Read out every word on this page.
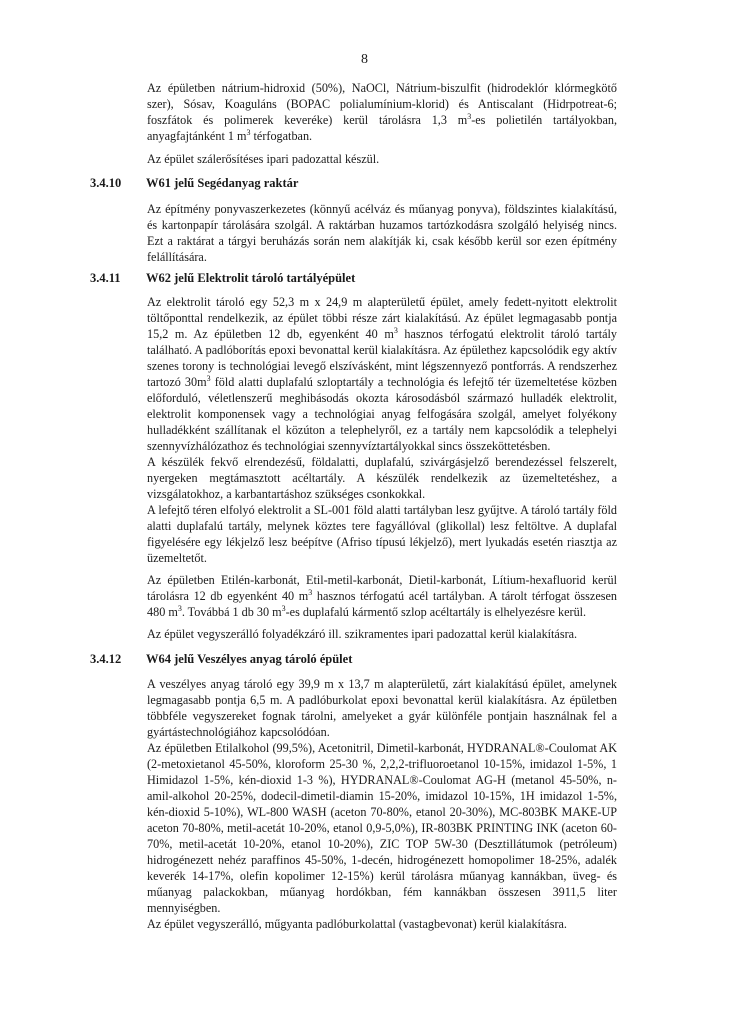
8
Az épületben nátrium-hidroxid (50%), NaOCl, Nátrium-biszulfit (hidrodeklór klórmegkötő szer), Sósav, Koaguláns (BOPAC polialumínium-klorid) és Antiscalant (Hidrpotreat-6; foszfátok és polimerek keveréke) kerül tárolásra 1,3 $m^3-es$ polietilén tartályokban, anyagfajtánként 1 $m^3$ térfogatban.
Az épület szálerősítéses ipari padozattal készül.
3.4.10 W61 jelű Segédanyag raktár
Az építmény ponyvaszerkezetes (könnyű acélváz és műanyag ponyva), földszintes kialakítású, és kartonpapír tárolására szolgál. A raktárban huzamos tartózkodásra szolgáló helyiség nincs. Ezt a raktárat a tárgyi beruházás során nem alakítják ki, csak később kerül sor ezen építmény felállítására.
3.4.11 W62 jelű Elektrolit tároló tartályépület

Az elektrolit tároló egy 52,3 m x 24,9 m alapterületű épület, amely fedett-nyitott elektrolit töltőponttal rendelkezik, az épület többi része zárt kialakítású. Az épület legmagasabb pontja 15,2 m. Az épületben 12 db, egyenként 40 $m^3$ hasznos térfogatú elektrolit tároló tartály található. A padlóborítás epoxi bevonattal kerül kialakításra. Az épülethez kapcsolódik egy aktív szenes torony is technológiai levegő elszívásként, mint légszennyező pontforrás. A rendszerhez tartozó $30m^3$ föld alatti duplafalú szloptartály a technológia és lefejtő tér üzemeltetése közben előforduló, véletlenszerű meghibásodás okozta károsodásból származó hulladék elektrolit, elektrolit komponensek vagy a technológiai anyag felfogására szolgál, amelyet folyékony hulladékként szállítanak el közúton a telephelyről, ez a tartály nem kapcsolódik a telephelyi szennyvízhálózathoz és technológiai szennyvíztartályokkal sincs összeköttetésben.

A készülék fekvő elrendezésű, földalatti, duplafalú, szivárgásjelző berendezéssel felszerelt, nyergeken megtámasztott acéltartály. A készülék rendelkezik az üzemeltetéshez, a vizsgálatokhoz, a karbantartáshoz szükséges csonkokkal.

A lefejtő téren elfolyó elektrolit a SL-001 föld alatti tartályban lesz gyűjtve. A tároló tartály föld alatti duplafalú tartály, melynek köztes tere fagyállóval (glikollal) lesz feltöltve. A duplafal figyelésére egy lékjelző lesz beépítve (Afriso típusú lékjelző), mert lyukadás esetén riasztja az üzemeltetőt.

Az épületben Etilén-karbonát, Etil-metil-karbonát, Dietil-karbonát, Lítium-hexafluorid kerül tárolásra 12 db egyenként 40 $m^3$ hasznos térfogatú acél tartályban. A tárolt térfogat összesen 480 $m^3$. Továbbá 1 db 30 $m^3-es$ duplafalú kármentő szlop acéltartály is elhelyezésre kerül.
Az épület vegyszerálló folyadékzáró ill. szikramentes ipari padozattal kerül kialakításra.
3.4.12 W64 jelű Veszélyes anyag tároló épület

A veszélyes anyag tároló egy 39,9 m x 13,7 m alapterületű, zárt kialakítású épület, amelynek legmagasabb pontja 6,5 m. A padlóburkolat epoxi bevonattal kerül kialakításra. Az épületben többféle vegyszereket fognak tárolni, amelyeket a gyár különféle pontjain használnak fel a gyártástechnológiához kapcsolódóan.

Az épületben Etilalkohol (99,5%), Acetonitril, Dimetil-karbonát, HYDRANAL®-Coulomat AK (2-metoxietanol 45-50%, kloroform 25-30 %, 2,2,2-trifluoroetanol 10-15%, imidazol 1-5%, 1 Himidazol 1-5%, kén-dioxid 1-3 %), HYDRANAL®-Coulomat AG-H (metanol 45-50%, n-amil-alkohol 20-25%, dodecil-dimetil-diamin 15-20%, imidazol 10-15%, 1H imidazol 1-5%, kén-dioxid 5-10%), WL-800 WASH (aceton 70-80%, etanol 20-30%), MC-803BK MAKE-UP aceton 70-80%, metil-acetát 10-20%, etanol 0,9-5,0%), IR-803BK PRINTING INK (aceton 60-70%, metil-acetát 10-20%, etanol 10-20%), ZIC TOP 5W-30 (Desztillátumok (petróleum) hidrogénezett nehéz paraffinos 45-50%, 1-decén, hidrogénezett homopolimer 18-25%, adalék keverék 14-17%, olefin kopolimer 12-15%) kerül tárolásra műanyag kannákban, üveg- és műanyag palackokban, műanyag hordókban, fém kannákban összesen 3911,5 liter mennyiségben.

Az épület vegyszerálló, műgyanta padlóburkolattal (vastagbevonat) kerül kialakításra.
